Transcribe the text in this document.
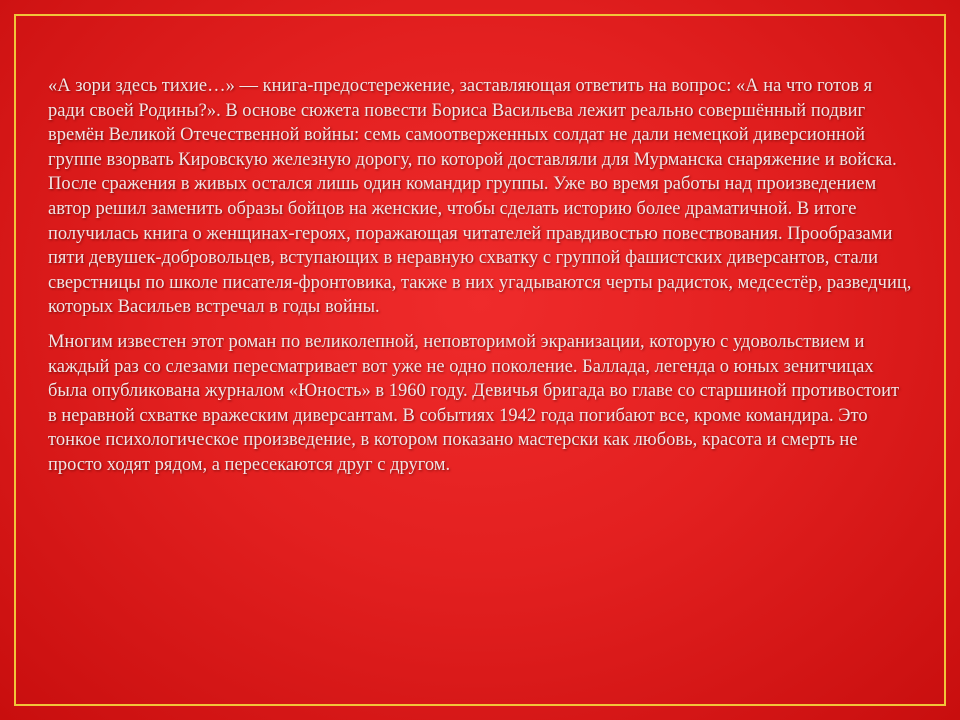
«А зори здесь тихие…» — книга-предостережение, заставляющая ответить на вопрос: «А на что готов я ради своей Родины?». В основе сюжета повести Бориса Васильева лежит реально совершённый подвиг времён Великой Отечественной войны: семь самоотверженных солдат не дали немецкой диверсионной группе взорвать Кировскую железную дорогу, по которой доставляли для Мурманска снаряжение и войска. После сражения в живых остался лишь один командир группы. Уже во время работы над произведением автор решил заменить образы бойцов на женские, чтобы сделать историю более драматичной. В итоге получилась книга о женщинах-героях, поражающая читателей правдивостью повествования. Прообразами пяти девушек-добровольцев, вступающих в неравную схватку с группой фашистских диверсантов, стали сверстницы по школе писателя-фронтовика, также в них угадываются черты радисток, медсестёр, разведчиц, которых Васильев встречал в годы войны.

Многим известен этот роман по великолепной, неповторимой экранизации, которую с удовольствием и каждый раз со слезами пересматривает вот уже не одно поколение. Баллада, легенда о юных зенитчицах была опубликована журналом «Юность» в 1960 году. Девичья бригада во главе со старшиной противостоит в неравной схватке вражеским диверсантам. В событиях 1942 года погибают все, кроме командира. Это тонкое психологическое произведение, в котором показано мастерски как любовь, красота и смерть не просто ходят рядом, а пересекаются друг с другом.
